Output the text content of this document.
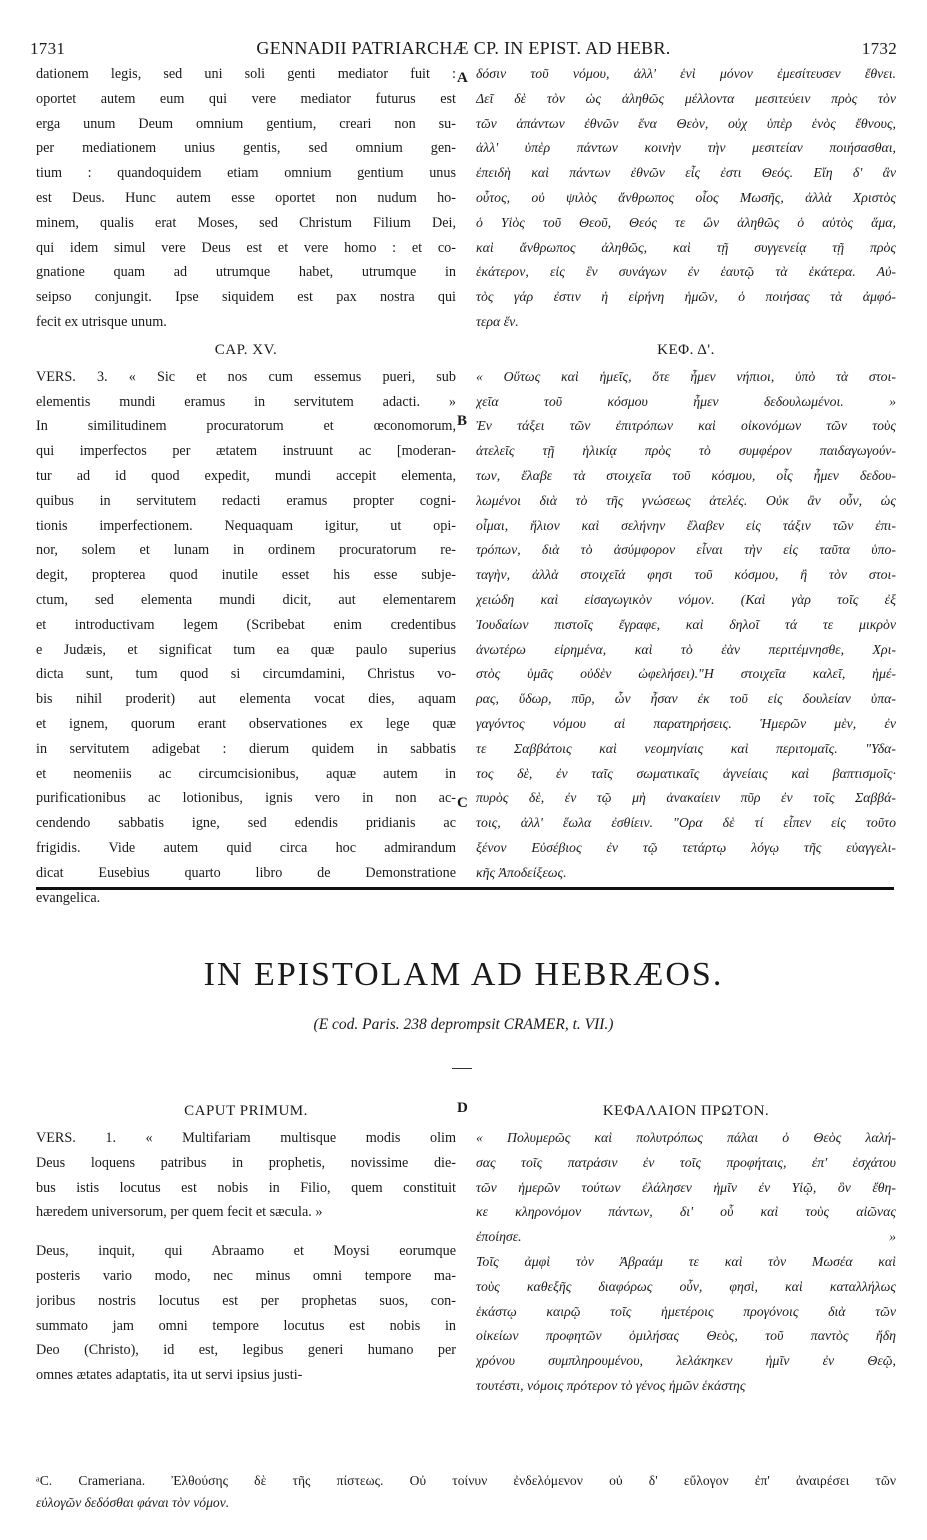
1731	GENNADII PATRIARCHÆ CP. IN EPIST. AD HEBR.	1732
dationem legis, sed uni soli genti mediator fuit :
oportet autem eum qui vere mediator futurus est
erga unum Deum omnium gentium, creari non su-
per mediationem unius gentis, sed omnium gen-
tium : quandoquidem etiam omnium gentium unus
est Deus. Hunc autem esse oportet non nudum ho-
minem, qualis erat Moses, sed Christum Filium Dei,
qui idem simul vere Deus est et vere homo : et co-
gnatione quam ad utrumque habet, utrumque in
seipso conjungit. Ipse siquidem est pax nostra qui
fecit ex utrisque unum.
CAP. XV.
VERS. 3. « Sic et nos cum essemus pueri, sub
elementis mundi eramus in servitutem adacti. »
In similitudinem procuratorum et œconomorum,
qui imperfectos per ætatem instruunt ac [moderan-
tur ad id quod expedit, mundi accepit elementa,
quibus in servitutem redacti eramus propter cogni-
tionis imperfectionem. Nequaquam igitur, ut opi-
nor, solem et lunam in ordinem procuratorum re-
degit, propterea quod inutile esset his esse subje-
ctum, sed elementa mundi dicit, aut elementarem
et introductivam legem (Scribebat enim credentibus
e Judæis, et significat tum ea quæ paulo superius
dicta sunt, tum quod si circumdamini, Christus vo-
bis nihil proderit) aut elementa vocat dies, aquam
et ignem, quorum erant observationes ex lege quæ
in servitutem adigebat : dierum quidem in sabbatis
et neomeniis ac circumcisionibus, aquæ autem in
purificationibus ac lotionibus, ignis vero in non ac-
cendendo sabbatis igne, sed edendis pridianis ac
frigidis. Vide autem quid circa hoc admirandum
dicat Eusebius quarto libro de Demonstratione
evangelica.
δόσιν τοῦ νόμου, ἀλλ' ἑνὶ μόνον ἐμεσίτευσεν ἔθνει.
Δεῖ δὲ τὸν ὡς ἀληθῶς μέλλοντα μεσιτεύειν πρὸς τὸν
τῶν ἁπάντων ἐθνῶν ἕνα Θεὸν, οὐχ ὑπὲρ ἑνὸς ἔθνους,
ἀλλ' ὑπὲρ πάντων κοινὴν τὴν μεσιτείαν ποιήσασθαι,
ἐπειδὴ καὶ πάντων ἐθνῶν εἷς ἐστι Θεός. Εἴη δ' ἂν
οὗτος, οὐ ψιλὸς ἄνθρωπος οἷος Μωσῆς, ἀλλὰ Χριστὸς
ὁ Υἱὸς τοῦ Θεοῦ, Θεός τε ὢν ἀληθῶς ὁ αὐτὸς ἅμα,
καὶ ἄνθρωπος ἀληθῶς, καὶ τῇ συγγενείᾳ τῇ πρὸς
ἑκάτερον, εἰς ἓν συνάγων ἐν ἑαυτῷ τὰ ἑκάτερα. Αὐ-
τὸς γάρ ἐστιν ἡ εἰρήνη ἡμῶν, ὁ ποιήσας τὰ ἀμφό-
τερα ἕν.
ΚΕΦ. Δ'.
« Οὕτως καὶ ἡμεῖς, ὅτε ἦμεν νήπιοι, ὑπὸ τὰ στοι-
χεῖα τοῦ κόσμου ἦμεν δεδουλωμένοι. »
Ἐν τάξει τῶν ἐπιτρόπων καὶ οἰκονόμων τῶν τοὺς
ἀτελεῖς τῇ ἡλικίᾳ πρὸς τὸ συμφέρον παιδαγωγούν-
των, ἔλαβε τὰ στοιχεῖα τοῦ κόσμου, οἷς ἦμεν δεδου-
λωμένοι διὰ τὸ τῆς γνώσεως ἀτελές. Οὐκ ἂν οὖν, ὡς
οἶμαι, ἥλιον καὶ σελήνην ἔλαβεν εἰς τάξιν τῶν ἐπι-
τρόπων, διὰ τὸ ἀσύμφορον εἶναι τὴν εἰς ταῦτα ὑπο-
ταγὴν, ἀλλὰ στοιχεῖά φησι τοῦ κόσμου, ἢ τὸν στοι-
χειώδη καὶ εἰσαγωγικὸν νόμον. (Καὶ γὰρ τοῖς ἐξ
Ἰουδαίων πιστοῖς ἔγραφε, καὶ δηλοῖ τά τε μικρὸν
ἀνωτέρω εἰρημένα, καὶ τὸ ἐὰν περιτέμνησθε, Χρι-
στὸς ὑμᾶς οὐδὲν ὠφελήσει)."Η στοιχεῖα καλεῖ, ἡμέ-
ρας, ὕδωρ, πῦρ, ὧν ἦσαν ἐκ τοῦ εἰς δουλείαν ὑπα-
γαγόντος νόμου αἱ παρατηρήσεις. Ἡμερῶν μὲν, ἐν
τε Σαββάτοις καὶ νεομηνίαις καὶ περιτομαῖς. "Υδα-
τος δὲ, ἐν ταῖς σωματικαῖς ἁγνείαις καὶ βαπτισμοῖς·
πυρὸς δὲ, ἐν τῷ μὴ ἀνακαίειν πῦρ ἐν τοῖς Σαββά-
τοις, ἀλλ' ἕωλα ἐσθίειν. "Ορα δὲ τί εἶπεν εἰς τοῦτο
ξένον Εὐσέβιος ἐν τῷ τετάρτῳ λόγῳ τῆς εὐαγγελι-
κῆς Ἀποδείξεως.
A
B
C
IN EPISTOLAM AD HEBRÆOS.
(E cod. Paris. 238 deprompsit CRAMER, t. VII.)
CAPUT PRIMUM.
VERS. 1. « Multifariam multisque modis olim
Deus loquens patribus in prophetis, novissime die-
bus istis locutus est nobis in Filio, quem constituit
hæredem universorum, per quem fecit et sæcula. »
Deus, inquit, qui Abraamo et Moysi eorumque
posteris vario modo, nec minus omni tempore ma-
joribus nostris locutus est per prophetas suos, con-
summato jam omni tempore locutus est nobis in
Deo (Christo), id est, legibus generi humano per
omnes ætates adaptatis, ita ut servi ipsius justi-
D	ΚΕΦΑΛΑΙΟΝ ΠΡΩΤΟΝ.
« Πολυμερῶς καὶ πολυτρόπως πάλαι ὁ Θεὸς λαλή-
σας τοῖς πατράσιν ἐν τοῖς προφήταις, ἐπ' ἐσχάτου
τῶν ἡμερῶν τούτων ἐλάλησεν ἡμῖν ἐν Υἱῷ, ὃν ἔθη-
κε κληρονόμον πάντων, δι' οὗ καὶ τοὺς αἰῶνας
ἐποίησε. »
Τοῖς ἀμφὶ τὸν Ἀβραάμ τε καὶ τὸν Μωσέα καὶ
τοὺς καθεξῆς διαφόρως οὖν, φησὶ, καὶ καταλλήλως
ἑκάστῳ καιρῷ τοῖς ἡμετέροις προγόνοις διὰ τῶν
οἰκείων προφητῶν ὁμιλήσας Θεὸς, τοῦ παντὸς ἤδη
χρόνου συμπληρουμένου, λελάκηκεν ἡμῖν ἐν Θεῷ,
τουτέστι, νόμοις πρότερον τὸ γένος ἡμῶν ἑκάστης
ᵃC. Crameriana. Ἐλθούσης δὲ τῆς πίστεως. Οὐ τοίνυν ἐνδελόμενον οὐ δ' εὔλογον ἐπ' ἀναιρέσει τῶν
εὐλογῶν δεδόσθαι φάναι τὸν νόμον.
